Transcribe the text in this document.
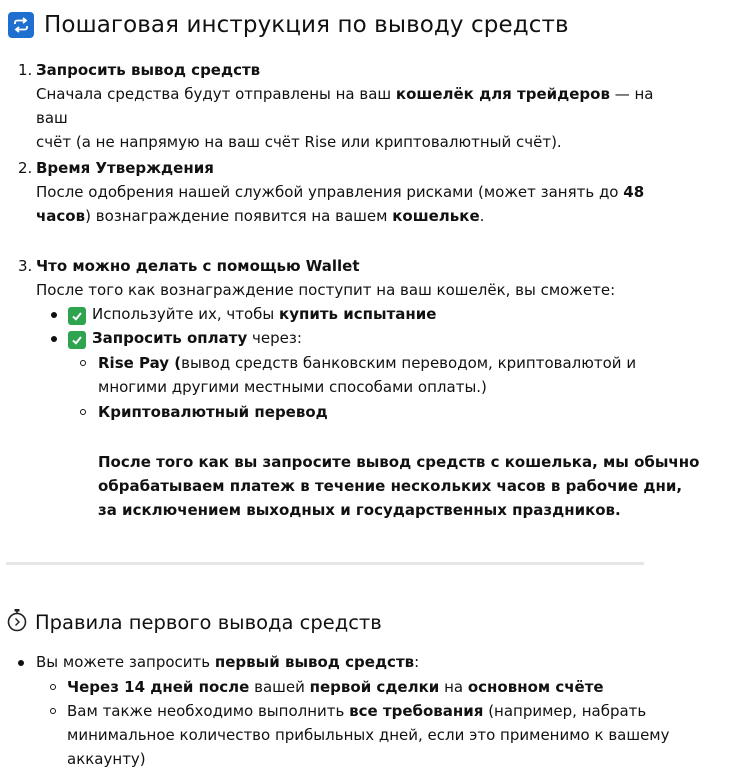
Пошаговая инструкция по выводу средств
1. Запросить вывод средств
Сначала средства будут отправлены на ваш кошелёк для трейдеров — на ваш
счёт (а не напрямую на ваш счёт Rise или криптовалютный счёт).
2. Время Утверждения
После одобрения нашей службой управления рисками (может занять до 48
часов) вознаграждение появится на вашем кошельке.
3. Что можно делать с помощью Wallet
После того как вознаграждение поступит на ваш кошелёк, вы сможете:
Используйте их, чтобы купить испытание
Запросить оплату через:
Rise Pay (вывод средств банковским переводом, криптовалютой и
многими другими местными способами оплаты.)
Криптовалютный перевод
После того как вы запросите вывод средств с кошелька, мы обычно
обрабатываем платеж в течение нескольких часов в рабочие дни,
за исключением выходных и государственных праздников.
Правила первого вывода средств
Вы можете запросить первый вывод средств:
Через 14 дней после вашей первой сделки на основном счёте
Вам также необходимо выполнить все требования (например, набрать
минимальное количество прибыльных дней, если это применимо к вашему
аккаунту)
